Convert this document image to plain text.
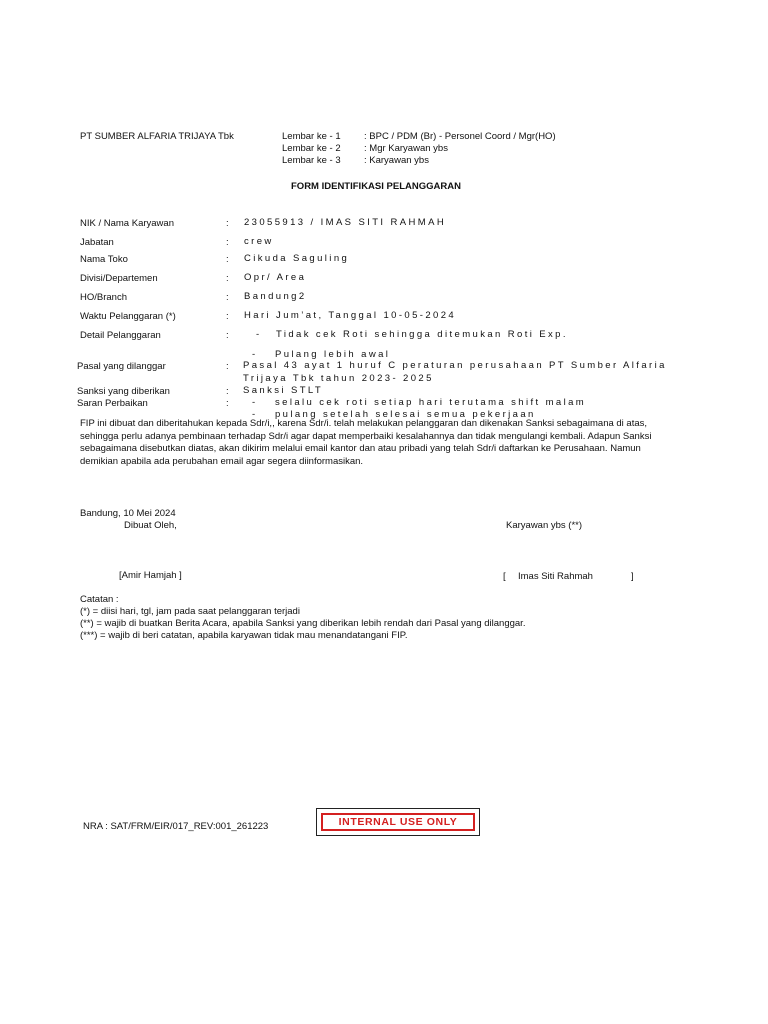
PT SUMBER ALFARIA TRIJAYA Tbk	Lembar ke - 1 : BPC / PDM (Br) - Personel Coord / Mgr(HO)
Lembar ke - 2 : Mgr Karyawan ybs
Lembar ke - 3 : Karyawan ybs
FORM IDENTIFIKASI PELANGGARAN
NIK / Nama Karyawan	: 23055913 / IMAS SITI RAHMAH
Jabatan	: crew
Nama Toko	: Cikuda Saguling
Divisi/Departemen	: Opr/ Area
HO/Branch	: Bandung2
Waktu Pelanggaran (*)	: Hari Jum’at, Tanggal 10-05-2024
Detail Pelanggaran	:	- Tidak cek Roti sehingga ditemukan Roti Exp.
- Pulang lebih awal
Pasal yang dilanggar	: Pasal 43 ayat 1 huruf C peraturan perusahaan PT Sumber Alfaria
Trijaya Tbk tahun 2023- 2025
Sanksi yang diberikan	: Sanksi STLT
Saran Perbaikan	: - selalu cek roti setiap hari terutama shift malam
- pulang setelah selesai semua pekerjaan
FIP ini dibuat dan diberitahukan kepada Sdr/i,, karena Sdr/i. telah melakukan pelanggaran dan dikenakan Sanksi sebagaimana di atas,
sehingga perlu adanya pembinaan terhadap Sdr/i agar dapat memperbaiki kesalahannya dan tidak mengulangi kembali. Adapun Sanksi
sebagaimana disebutkan diatas, akan dikirim melalui email kantor dan atau pribadi yang telah Sdr/i daftarkan ke Perusahaan. Namun
demikian apabila ada perubahan email agar segera diinformasikan.
Bandung, 10 Mei 2024
Dibuat Oleh,	Karyawan ybs (**)
[Amir Hamjah ]	[ Imas Siti Rahmah	]
Catatan :
(*) = diisi hari, tgl, jam pada saat pelanggaran terjadi
(**) = wajib di buatkan Berita Acara, apabila Sanksi yang diberikan lebih rendah dari Pasal yang dilanggar.
(***) = wajib di beri catatan, apabila karyawan tidak mau menandatangani FIP.
NRA : SAT/FRM/EIR/017_REV:001_261223	INTERNAL USE ONLY
